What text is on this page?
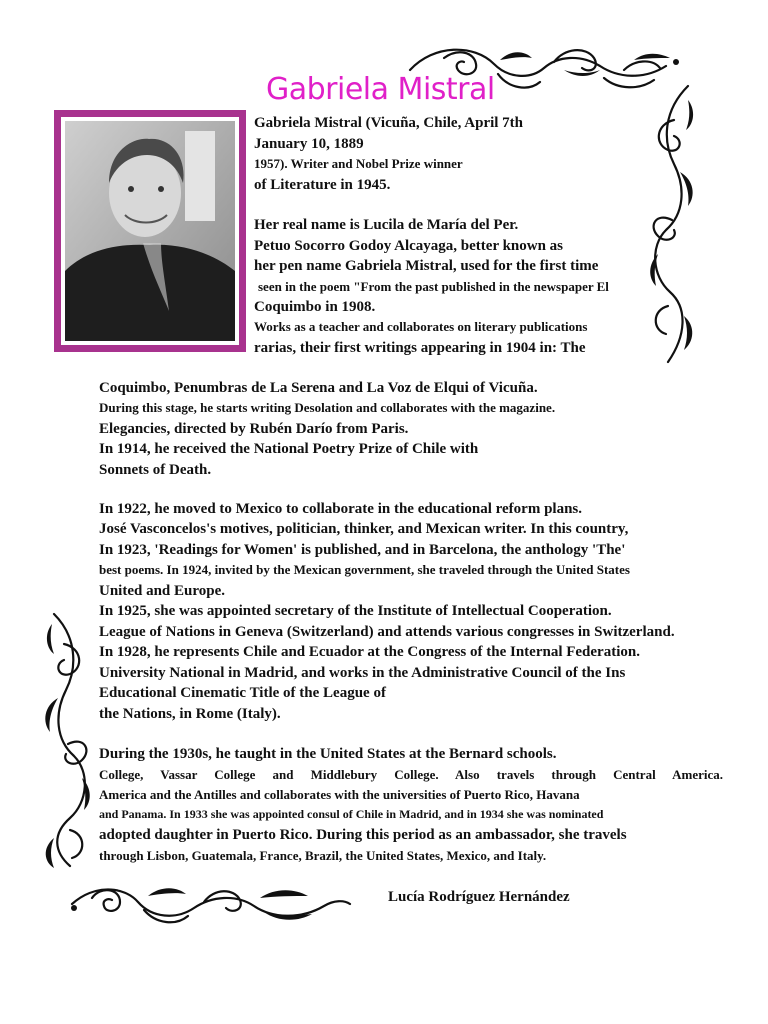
Gabriela Mistral
Gabriela Mistral (Vicuña, Chile, April 7th
January 10, 1889
1957). Writer and Nobel Prize winner
of Literature in 1945.
Her real name is Lucila de María del Per.
Petuo Socorro Godoy Alcayaga, better known as
her pen name Gabriela Mistral, used for the first time
seen in the poem "From the past published in the newspaper El
Coquimbo in 1908.
Works as a teacher and collaborates on literary publications
rarias, their first writings appearing in 1904 in: The
Coquimbo, Penumbras de La Serena and La Voz de Elqui of Vicuña.
During this stage, he starts writing Desolation and collaborates with the magazine.
Elegancies, directed by Rubén Darío from Paris.
In 1914, he received the National Poetry Prize of Chile with
Sonnets of Death.
In 1922, he moved to Mexico to collaborate in the educational reform plans.
José Vasconcelos's motives, politician, thinker, and Mexican writer. In this country,
In 1923, 'Readings for Women' is published, and in Barcelona, the anthology 'The'
best poems. In 1924, invited by the Mexican government, she traveled through the United States
United and Europe.
In 1925, she was appointed secretary of the Institute of Intellectual Cooperation.
League of Nations in Geneva (Switzerland) and attends various congresses in Switzerland.
In 1928, he represents Chile and Ecuador at the Congress of the Internal Federation.
University National in Madrid, and works in the Administrative Council of the Ins
Educational Cinematic Title of the League of
the Nations, in Rome (Italy).
During the 1930s, he taught in the United States at the Bernard schools.
College, Vassar College and Middlebury College. Also travels through Central America.
America and the Antilles and collaborates with the universities of Puerto Rico, Havana
and Panama. In 1933 she was appointed consul of Chile in Madrid, and in 1934 she was nominated
adopted daughter in Puerto Rico. During this period as an ambassador, she travels
through Lisbon, Guatemala, France, Brazil, the United States, Mexico, and Italy.
Lucía Rodríguez Hernández
